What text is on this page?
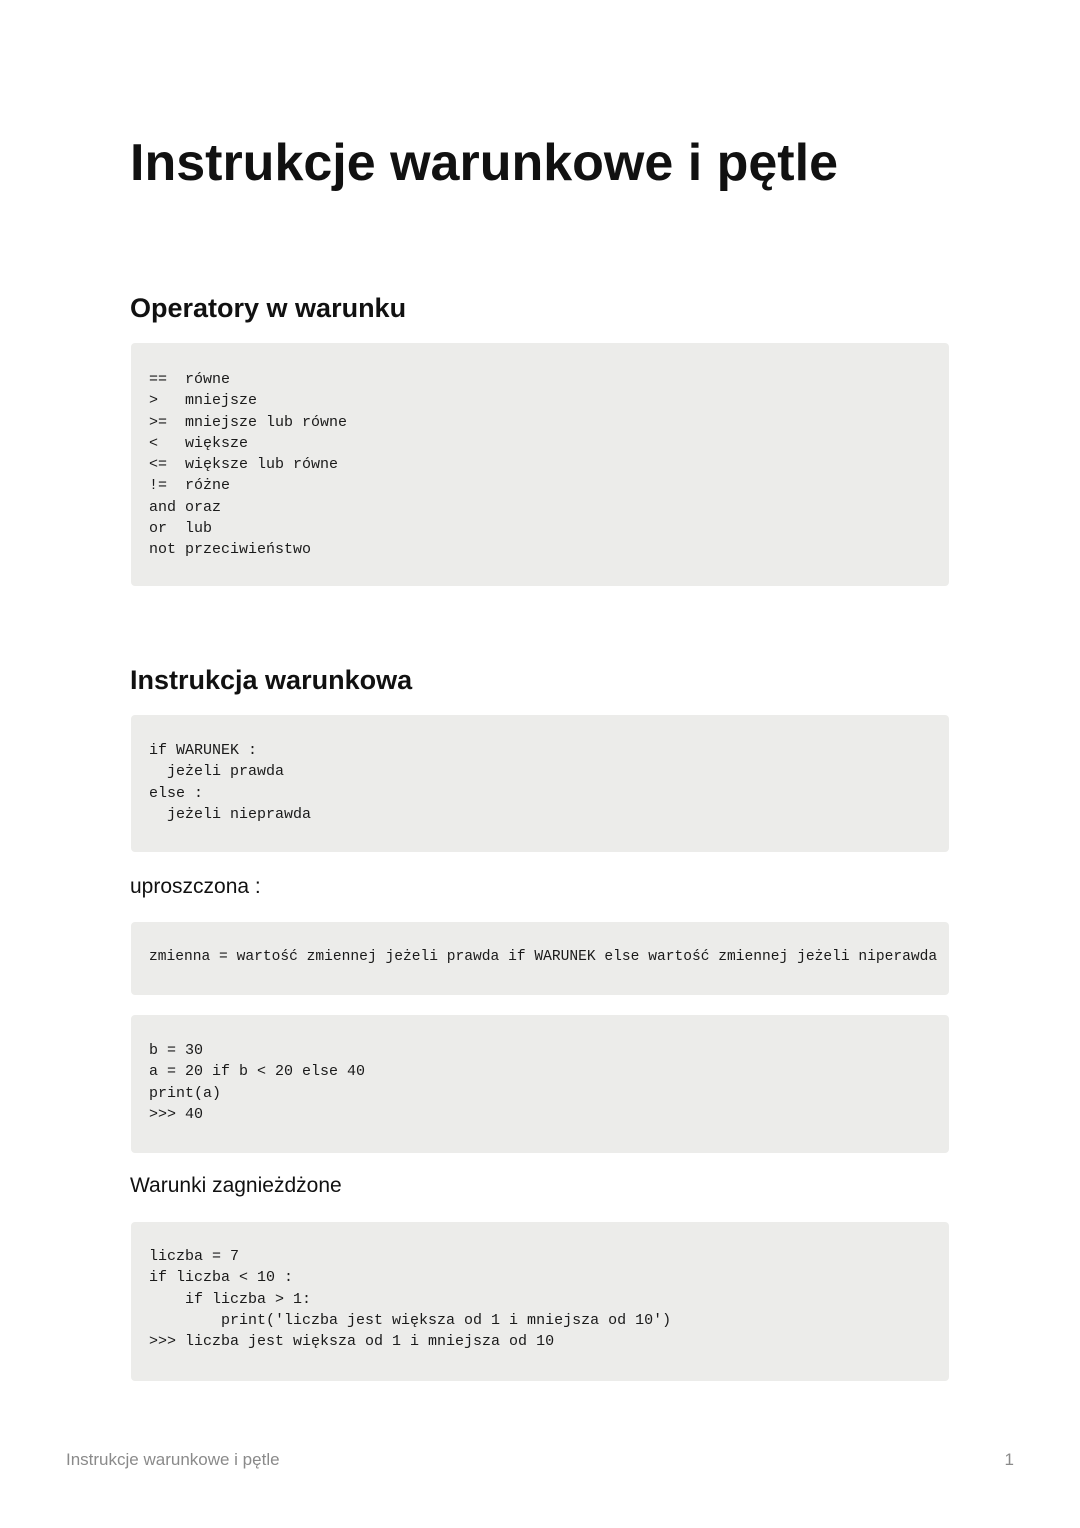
Instrukcje warunkowe i pętle
Operatory w warunku
==  równe
>   mniejsze
>=  mniejsze lub równe
<   większe
<=  większe lub równe
!=  różne
and oraz
or  lub
not przeciwieństwo
Instrukcja warunkowa
if WARUNEK :
jeżeli prawda
else :
jeżeli nieprawda
uproszczona :
zmienna = wartość zmiennej jeżeli prawda if WARUNEK else wartość zmiennej jeżeli niperawda
b = 30
a = 20 if b < 20 else 40
print(a)
>>> 40
Warunki zagnieżdżone
liczba = 7
if liczba < 10 :
if liczba > 1:
print('liczba jest większa od 1 i mniejsza od 10')
>>> liczba jest większa od 1 i mniejsza od 10
Instrukcje warunkowe i pętle	1
